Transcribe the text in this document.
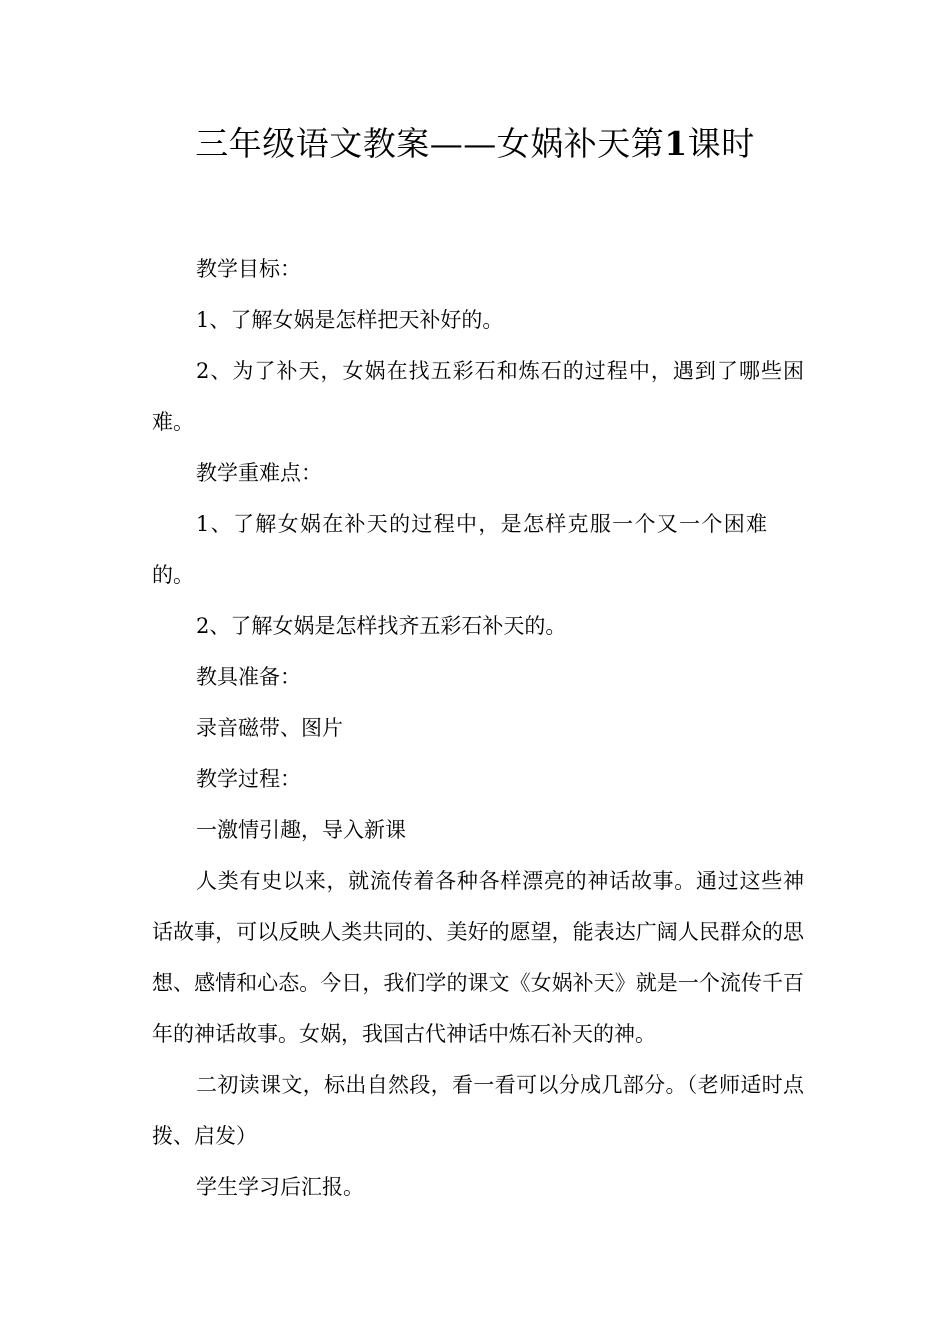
三年级语文教案——女娲补天第1课时

教学目标：

1、了解女娲是怎样把天补好的。

2、为了补天，女娲在找五彩石和炼石的过程中，遇到了哪些困难。

教学重难点：

1、了解女娲在补天的过程中，是怎样克服一个又一个困难的。

2、了解女娲是怎样找齐五彩石补天的。

教具准备：

录音磁带、图片

教学过程：

一激情引趣，导入新课

人类有史以来，就流传着各种各样漂亮的神话故事。通过这些神话故事，可以反映人类共同的、美好的愿望，能表达广阔人民群众的思想、感情和心态。今日，我们学的课文《女娲补天》就是一个流传千百年的神话故事。女娲，我国古代神话中炼石补天的神。

二初读课文，标出自然段，看一看可以分成几部分。（老师适时点拨、启发）

学生学习后汇报。
